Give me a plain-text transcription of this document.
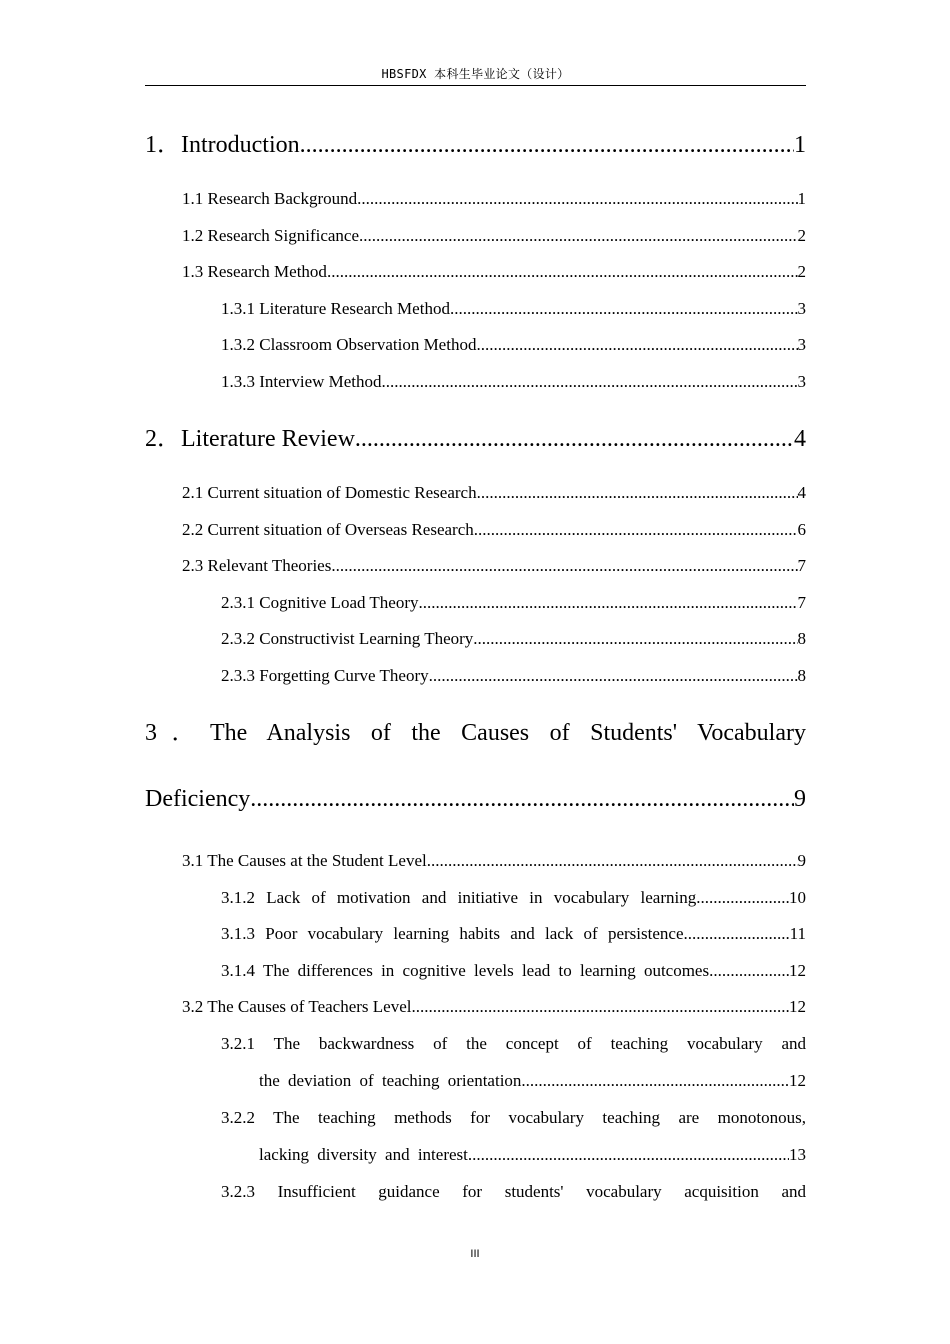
HBSFDX 本科生毕业论文（设计）
1．Introduction .....	1
1.1 Research Background .....	1
1.2 Research Significance .....	2
1.3 Research Method .....	2
1.3.1 Literature Research Method .....	3
1.3.2 Classroom Observation Method .....	3
1.3.3 Interview Method .....	3
2．Literature Review .....	4
2.1 Current situation of Domestic Research .....	4
2.2 Current situation of Overseas Research .....	6
2.3 Relevant Theories .....	7
2.3.1 Cognitive Load Theory .....	7
2.3.2 Constructivist Learning Theory .....	8
2.3.3 Forgetting Curve Theory .....	8
3．The Analysis of the Causes of Students' Vocabulary
Deficiency .....	9
3.1 The Causes at the Student Level .....	9
3.1.2 Lack of motivation and initiative in vocabulary learning .....	10
3.1.3 Poor vocabulary learning habits and lack of persistence .....	11
3.1.4 The differences in cognitive levels lead to learning outcomes .....	12
3.2 The Causes of Teachers Level .....	12
3.2.1 The backwardness of the concept of teaching vocabulary and
the deviation of teaching orientation .....	12
3.2.2 The teaching methods for vocabulary teaching are monotonous,
lacking diversity and interest .....	13
3.2.3 Insufficient guidance for students' vocabulary acquisition and
III
